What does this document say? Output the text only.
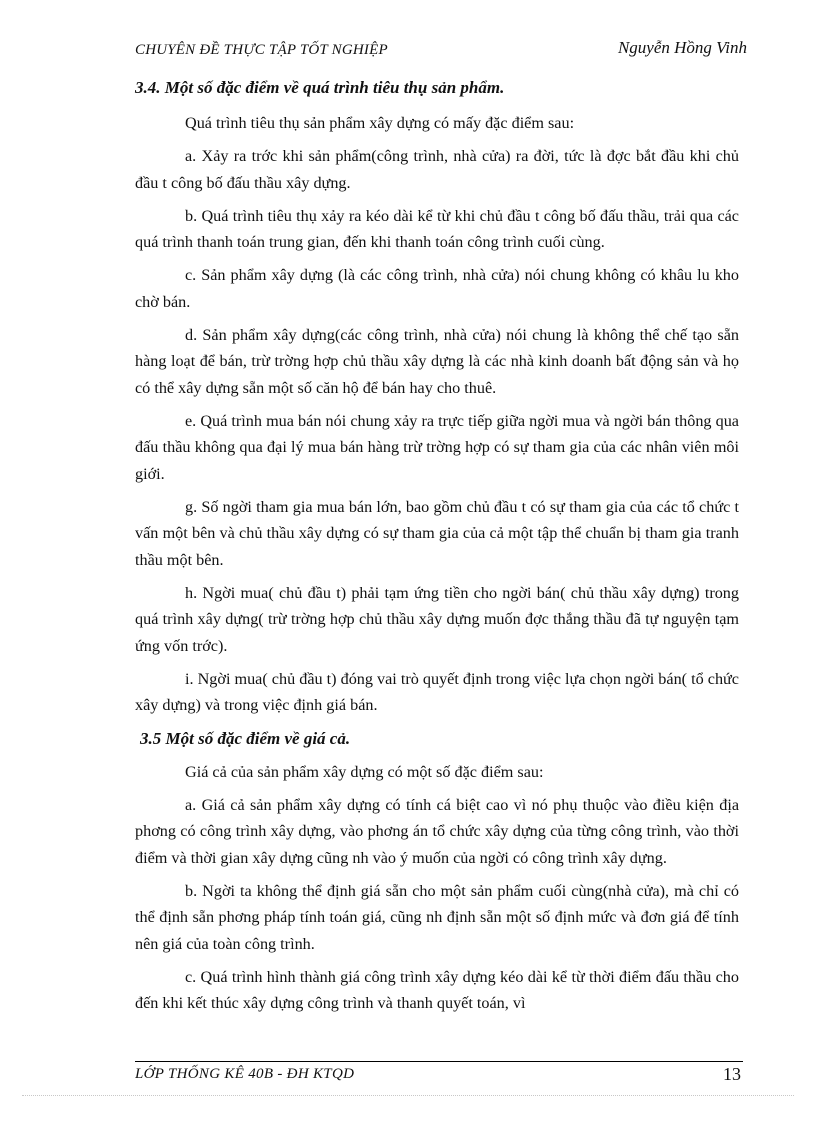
CHUYÊN ĐỀ THỰC TẬP TỐT NGHIỆP	Nguyễn Hồng Vinh
3.4. Một số đặc điểm về quá trình tiêu thụ sản phẩm.

Quá trình tiêu thụ sản phẩm xây dựng có mấy đặc điểm sau:

a. Xảy ra trớc khi sản phẩm(công trình, nhà cửa) ra đời, tức là đợc bắt đầu khi chủ đầu t công bố đấu thầu xây dựng.

b. Quá trình tiêu thụ xảy ra kéo dài kể từ khi chủ đầu t công bố đấu thầu, trải qua các quá trình thanh toán trung gian, đến khi thanh toán công trình cuối cùng.

c. Sản phẩm xây dựng (là các công trình, nhà cửa) nói chung không có khâu lu kho chờ bán.

d. Sản phẩm xây dựng(các công trình, nhà cửa) nói chung là không thể chế tạo sẵn hàng loạt để bán, trừ trờng hợp chủ thầu xây dựng là các nhà kinh doanh bất động sản và họ có thể xây dựng sẵn một số căn hộ để bán hay cho thuê.

e. Quá trình mua bán nói chung xảy ra trực tiếp giữa ngời mua và ngời bán thông qua đấu thầu không qua đại lý mua bán hàng trừ trờng hợp có sự tham gia của các nhân viên môi giới.

g. Số ngời tham gia mua bán lớn, bao gồm chủ đầu t có sự tham gia của các tổ chức t vấn một bên và chủ thầu xây dựng có sự tham gia của cả một tập thể chuẩn bị tham gia tranh thầu một bên.

h. Ngời mua( chủ đầu t) phải tạm ứng tiền cho ngời bán( chủ thầu xây dựng) trong quá trình xây dựng( trừ trờng hợp chủ thầu xây dựng muốn đợc thắng thầu đã tự nguyện tạm ứng vốn trớc).

i. Ngời mua( chủ đầu t) đóng vai trò quyết định trong việc lựa chọn ngời bán( tổ chức xây dựng) và trong việc định giá bán.

3.5 Một số đặc điểm về giá cả.

Giá cả của sản phẩm xây dựng có một số đặc điểm sau:

a. Giá cả sản phẩm xây dựng có tính cá biệt cao vì nó phụ thuộc vào điều kiện địa phơng có công trình xây dựng, vào phơng án tổ chức xây dựng của từng công trình, vào thời điểm và thời gian xây dựng cũng nh vào ý muốn của ngời có công trình xây dựng.

b. Ngời ta không thể định giá sẵn cho một sản phẩm cuối cùng(nhà cửa), mà chỉ có thể định sẵn phơng pháp tính toán giá, cũng nh định sẵn một số định mức và đơn giá để tính nên giá của toàn công trình.

c. Quá trình hình thành giá công trình xây dựng kéo dài kể từ thời điểm đấu thầu cho đến khi kết thúc xây dựng công trình và thanh quyết toán, vì

LỚP THỐNG KÊ 40B - ĐH KTQD	13
